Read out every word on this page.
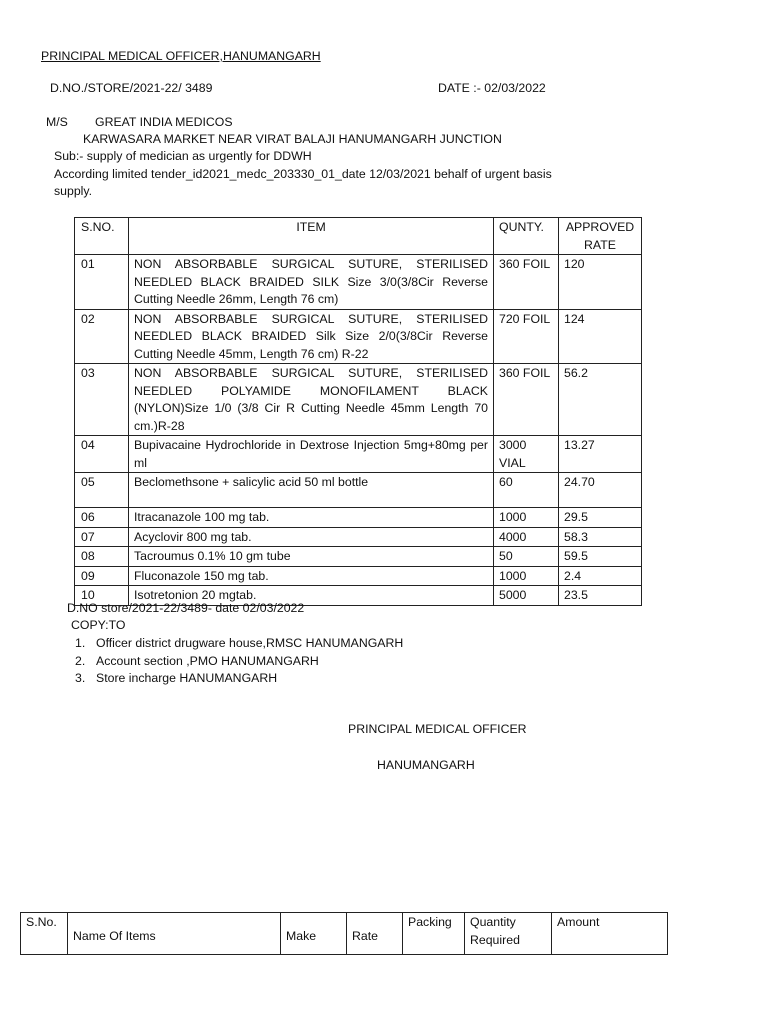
PRINCIPAL MEDICAL OFFICER,HANUMANGARH
D.NO./STORE/2021-22/ 3489	DATE :- 02/03/2022
M/S GREAT INDIA MEDICOS
KARWASARA MARKET NEAR VIRAT BALAJI HANUMANGARH JUNCTION
Sub:- supply of medician as urgently for DDWH
According limited tender_id2021_medc_203330_01_date 12/03/2021 behalf of urgent basis
supply.
S.NO.	ITEM	QUNTY.	APPROVED
RATE
01	NON ABSORBABLE SURGICAL SUTURE, STERILISED NEEDLED BLACK BRAIDED SILK Size 3/0(3/8Cir Reverse Cutting Needle 26mm, Length 76 cm)	360 FOIL	120
02	NON ABSORBABLE SURGICAL SUTURE, STERILISED NEEDLED BLACK BRAIDED Silk Size 2/0(3/8Cir Reverse Cutting Needle 45mm, Length 76 cm) R-22	720 FOIL	124
03	NON ABSORBABLE SURGICAL SUTURE, STERILISED NEEDLED POLYAMIDE MONOFILAMENT BLACK (NYLON)Size 1/0 (3/8 Cir R Cutting Needle 45mm Length 70 cm.)R-28	360 FOIL	56.2
04	Bupivacaine Hydrochloride in Dextrose Injection 5mg+80mg per ml	3000 VIAL	13.27
05	Beclomethsone + salicylic acid 50 ml bottle	60	24.70
06	Itracanazole 100 mg tab.	1000	29.5
07	Acyclovir 800 mg tab.	4000	58.3
08	Tacroumus 0.1% 10 gm tube	50	59.5
09	Fluconazole 150 mg tab.	1000	2.4
10	Isotretonion 20 mgtab.	5000	23.5
D.NO store/2021-22/3489- date 02/03/2022
COPY:TO
1. Officer district drugware house,RMSC HANUMANGARH
2. Account section ,PMO HANUMANGARH
3. Store incharge HANUMANGARH
PRINCIPAL MEDICAL OFFICER
HANUMANGARH
S.No.	Name Of Items	Make	Rate	Packing	Quantity
Required	Amount
